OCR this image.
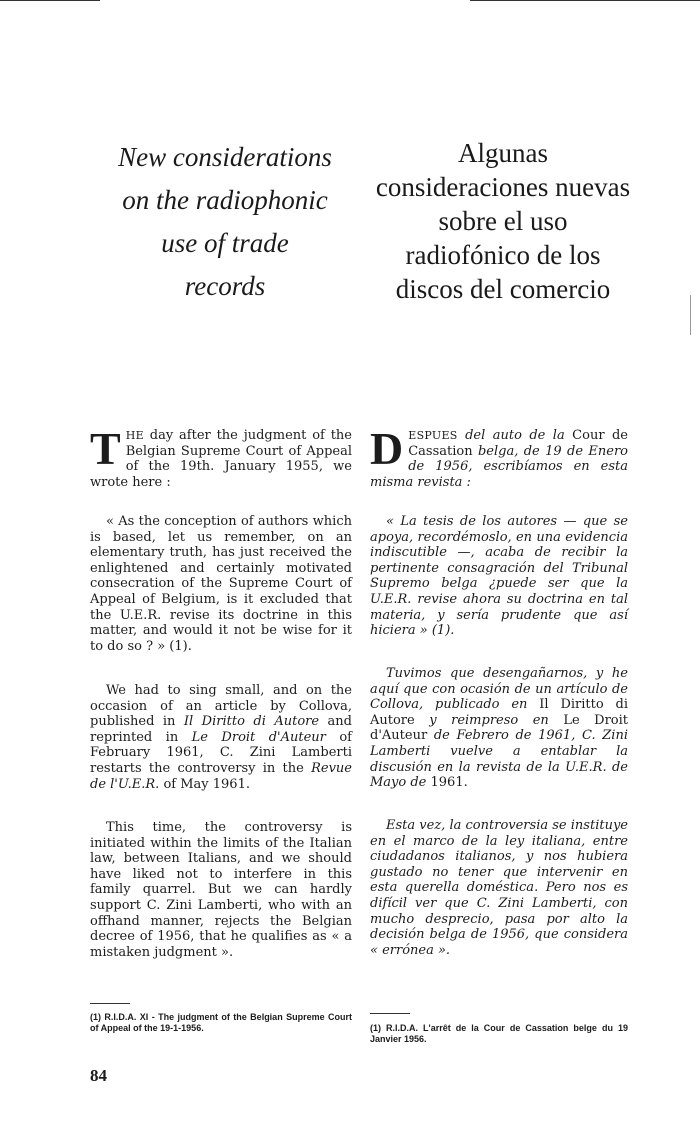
New considerations
on the radiophonic
use of trade
records
Algunas
consideraciones nuevas
sobre el uso
radiofónico de los
discos del comercio
T HE day after the judgment of the Belgian Supreme Court of Appeal of the 19th. January 1955, we wrote here :

« As the conception of authors which is based, let us remember, on an elementary truth, has just received the enlightened and certainly motivated consecration of the Supreme Court of Appeal of Belgium, is it excluded that the U.E.R. revise its doctrine in this matter, and would it not be wise for it to do so ? » (1).

We had to sing small, and on the occasion of an article by Collova, published in Il Diritto di Autore and reprinted in Le Droit d'Auteur of February 1961, C. Zini Lamberti restarts the controversy in the Revue de l'U.E.R. of May 1961.

This time, the controversy is initiated within the limits of the Italian law, between Italians, and we should have liked not to interfere in this family quarrel. But we can hardly support C. Zini Lamberti, who with an offhand manner, rejects the Belgian decree of 1956, that he qualifies as « a mistaken judgment ».

D ESPUES del auto de la Cour de Cassation belga, de 19 de Enero de 1956, escribíamos en esta misma revista :

« La tesis de los autores — que se apoya, recordémoslo, en una evidencia indiscutible —, acaba de recibir la pertinente consagración del Tribunal Supremo belga ¿puede ser que la U.E.R. revise ahora su doctrina en tal materia, y sería prudente que así hiciera » (1).

Tuvimos que desengañarnos, y he aquí que con ocasión de un artículo de Collova, publicado en Il Diritto di Autore y reimpreso en Le Droit d'Auteur de Febrero de 1961, C. Zini Lamberti vuelve a entablar la discusión en la revista de la U.E.R. de Mayo de 1961.

Esta vez, la controversia se instituye en el marco de la ley italiana, entre ciudadanos italianos, y nos hubiera gustado no tener que intervenir en esta querella doméstica. Pero nos es difícil ver que C. Zini Lamberti, con mucho desprecio, pasa por alto la decisión belga de 1956, que considera « errónea ».

(1) R.I.D.A. XI - The judgment of the Belgian Supreme Court of Appeal of the 19-1-1956.	(1) R.I.D.A. L'arrêt de la Cour de Cassation belge du 19 Janvier 1956.
84
